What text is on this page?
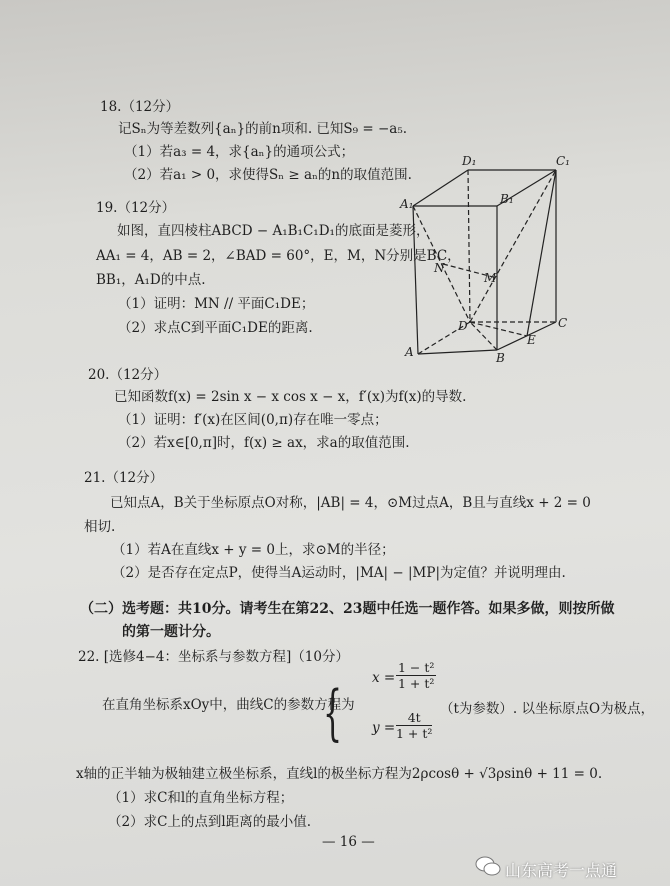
18.（12分）
记Sₙ为等差数列{aₙ}的前n项和. 已知S₉ = −a₅.
（1）若a₃ = 4，求{aₙ}的通项公式；
（2）若a₁ > 0，求使得Sₙ ≥ aₙ的n的取值范围.
19.（12分）
如图，直四棱柱ABCD − A₁B₁C₁D₁的底面是菱形，
AA₁ = 4，AB = 2，∠BAD = 60°，E，M，N分别是BC，
BB₁，A₁D的中点.
（1）证明：MN // 平面C₁DE；
（2）求点C到平面C₁DE的距离.
A₁
D₁
B₁
C₁
N
M
D	C
E
A	B
20.（12分）
已知函数f(x) = 2sin x − x cos x − x，f′(x)为f(x)的导数.
（1）证明：f′(x)在区间(0,π)存在唯一零点；
（2）若x∈[0,π]时，f(x) ≥ ax，求a的取值范围.
21.（12分）
已知点A，B关于坐标原点O对称，|AB| = 4，⊙M过点A，B且与直线x + 2 = 0
相切.
（1）若A在直线x + y = 0上，求⊙M的半径；
（2）是否存在定点P，使得当A运动时，|MA| − |MP|为定值？并说明理由.
（二）选考题：共10分。请考生在第22、23题中任选一题作答。如果多做，则按所做
的第一题计分。
22. [选修4−4：坐标系与参数方程]（10分）
在直角坐标系xOy中，曲线C的参数方程为
{ $x = \frac{\text{1 − t²}}{\text{1 + t²}}$
$y = \frac{4t}{\text{1 + t²}}$
（t为参数）. 以坐标原点O为极点，
x轴的正半轴为极轴建立极坐标系，直线l的极坐标方程为2ρcosθ + √3ρsinθ + 11 = 0.
（1）求C和l的直角坐标方程；
（2）求C上的点到l距离的最小值.
— 16 —
山东高考一点通
